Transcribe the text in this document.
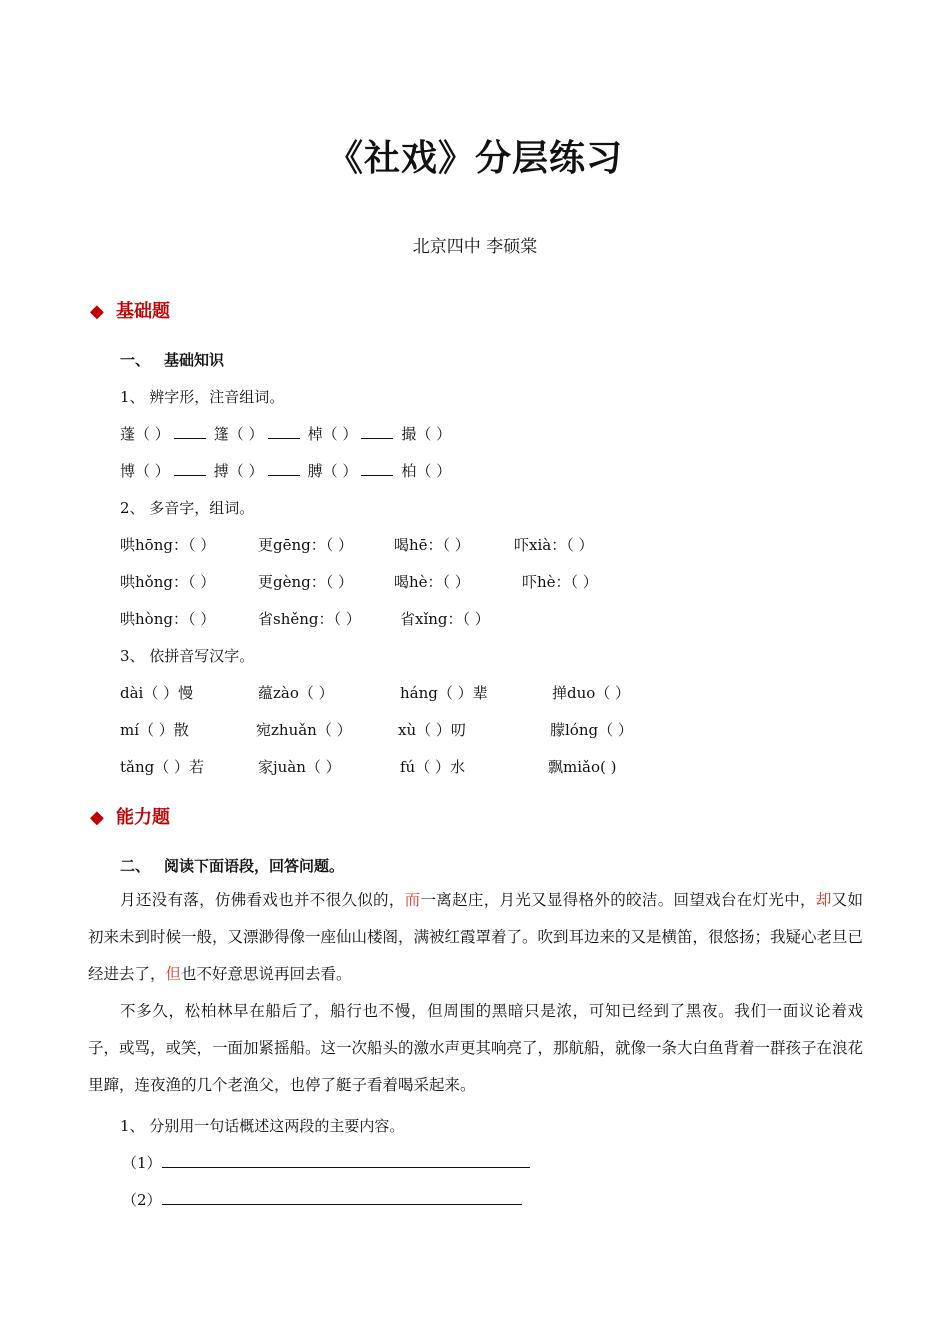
《社戏》分层练习
北京四中 李硕棠
◆ 基础题
一、 基础知识
1、 辨字形，注音组词。
蓬（ ）	篷（ ）	棹（ ）	撮（ ）
博（ ）	搏（ ）	膊（ ）	柏（ ）
2、 多音字，组词。
哄hōng：（ ）	更gēng：（ ）	喝hē：（ ）	吓xià：（ ）
哄hǒng：（ ）	更gèng：（ ）	喝hè：（ ）	吓hè：（ ）
哄hòng：（ ）	省shěng：（ ）	省xǐng：（ ）
3、 依拼音写汉字。
dài（ ）慢	蕴zào（ ）	háng（ ）辈	掸duo（ ）
mí（ ）散	宛zhuǎn（ ）	xù（ ）叨	朦lóng（ ）
tǎng（ ）若	家juàn（ ）	fú（ ）水	飘miǎo( )
◆ 能力题
二、 阅读下面语段，回答问题。

月还没有落，仿佛看戏也并不很久似的，而一离赵庄，月光又显得格外的皎洁。回望戏台在灯光中，却又如初来未到时候一般，又漂渺得像一座仙山楼阁，满被红霞罩着了。吹到耳边来的又是横笛，很悠扬；我疑心老旦已经进去了，但也不好意思说再回去看。

不多久，松柏林早在船后了，船行也不慢，但周围的黑暗只是浓，可知已经到了黑夜。我们一面议论着戏子，或骂，或笑，一面加紧摇船。这一次船头的激水声更其响亮了，那航船，就像一条大白鱼背着一群孩子在浪花里蹿，连夜渔的几个老渔父，也停了艇子看着喝采起来。

1、 分别用一句话概述这两段的主要内容。
（1）
（2）
